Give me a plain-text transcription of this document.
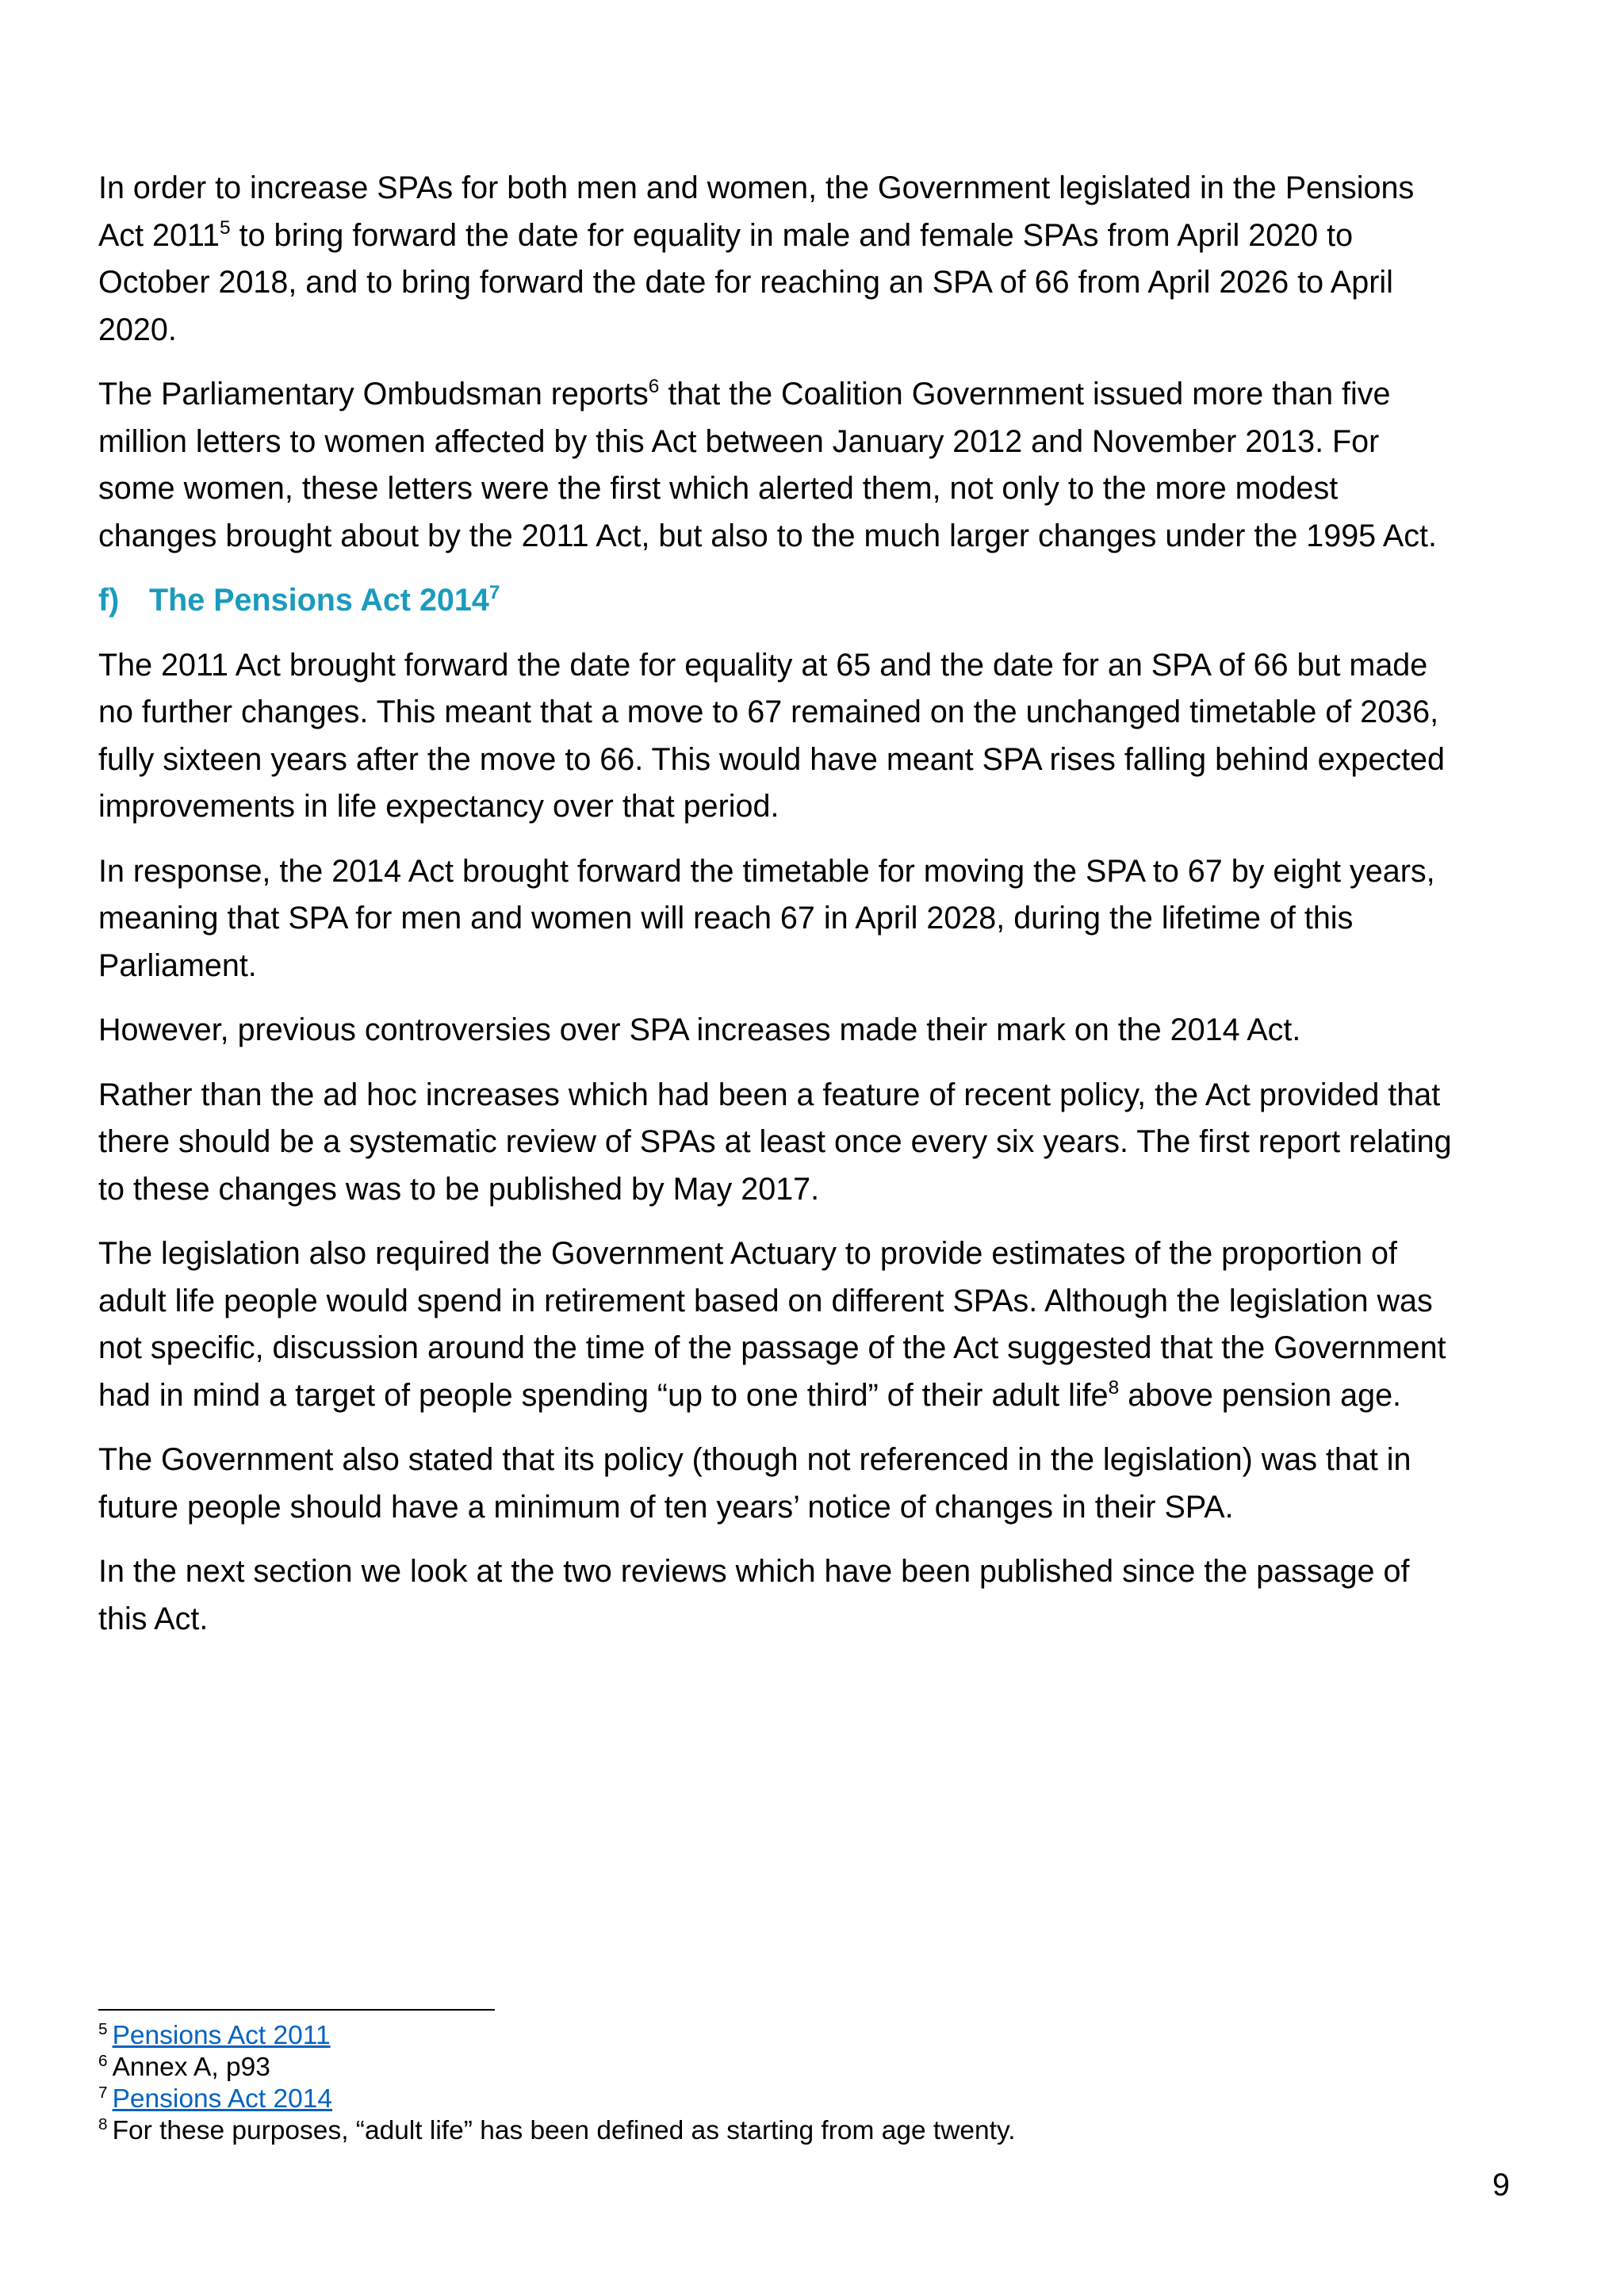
In order to increase SPAs for both men and women, the Government legislated in the Pensions Act 2011$^5$ to bring forward the date for equality in male and female SPAs from April 2020 to October 2018, and to bring forward the date for reaching an SPA of 66 from April 2026 to April 2020.

The Parliamentary Ombudsman reports$^6$ that the Coalition Government issued more than five million letters to women affected by this Act between January 2012 and November 2013. For some women, these letters were the first which alerted them, not only to the more modest changes brought about by the 2011 Act, but also to the much larger changes under the 1995 Act.

f) The Pensions Act 2014$^7$

The 2011 Act brought forward the date for equality at 65 and the date for an SPA of 66 but made no further changes. This meant that a move to 67 remained on the unchanged timetable of 2036, fully sixteen years after the move to 66. This would have meant SPA rises falling behind expected improvements in life expectancy over that period.

In response, the 2014 Act brought forward the timetable for moving the SPA to 67 by eight years, meaning that SPA for men and women will reach 67 in April 2028, during the lifetime of this Parliament.

However, previous controversies over SPA increases made their mark on the 2014 Act.

Rather than the ad hoc increases which had been a feature of recent policy, the Act provided that there should be a systematic review of SPAs at least once every six years. The first report relating to these changes was to be published by May 2017.

The legislation also required the Government Actuary to provide estimates of the proportion of adult life people would spend in retirement based on different SPAs. Although the legislation was not specific, discussion around the time of the passage of the Act suggested that the Government had in mind a target of people spending “up to one third” of their adult life$^8$ above pension age.

The Government also stated that its policy (though not referenced in the legislation) was that in future people should have a minimum of ten years’ notice of changes in their SPA.

In the next section we look at the two reviews which have been published since the passage of this Act.

$^5$ Pensions Act 2011

$^6$ Annex A, p93

$^7$ Pensions Act 2014

$^8$ For these purposes, “adult life” has been defined as starting from age twenty.

9
